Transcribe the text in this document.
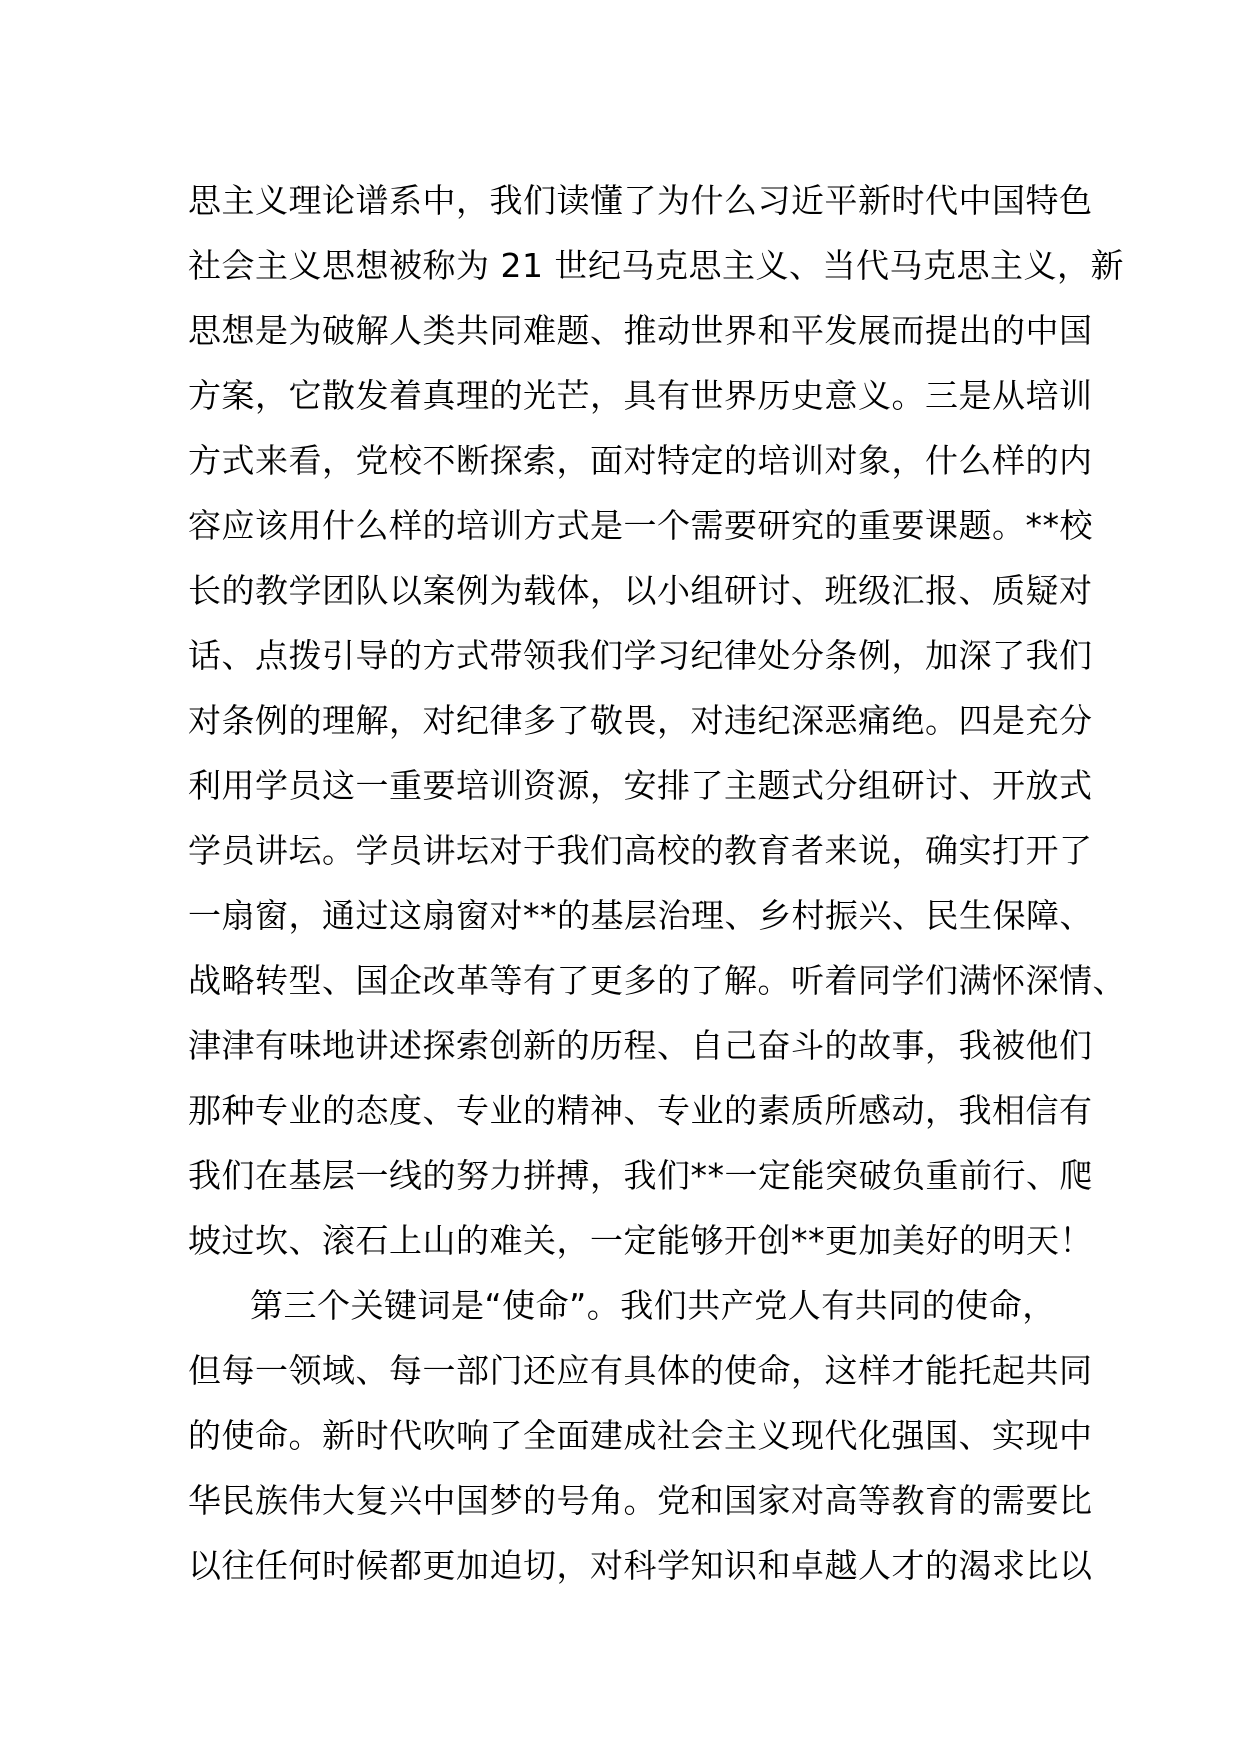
思主义理论谱系中，我们读懂了为什么习近平新时代中国特色
社会主义思想被称为 21 世纪马克思主义、当代马克思主义，新
思想是为破解人类共同难题、推动世界和平发展而提出的中国
方案，它散发着真理的光芒，具有世界历史意义。三是从培训
方式来看，党校不断探索，面对特定的培训对象，什么样的内
容应该用什么样的培训方式是一个需要研究的重要课题。**校
长的教学团队以案例为载体，以小组研讨、班级汇报、质疑对
话、点拨引导的方式带领我们学习纪律处分条例，加深了我们
对条例的理解，对纪律多了敬畏，对违纪深恶痛绝。四是充分
利用学员这一重要培训资源，安排了主题式分组研讨、开放式
学员讲坛。学员讲坛对于我们高校的教育者来说，确实打开了
一扇窗，通过这扇窗对**的基层治理、乡村振兴、民生保障、
战略转型、国企改革等有了更多的了解。听着同学们满怀深情、
津津有味地讲述探索创新的历程、自己奋斗的故事，我被他们
那种专业的态度、专业的精神、专业的素质所感动，我相信有
我们在基层一线的努力拼搏，我们**一定能突破负重前行、爬
坡过坎、滚石上山的难关，一定能够开创**更加美好的明天！
第三个关键词是“使命”。我们共产党人有共同的使命，
但每一领域、每一部门还应有具体的使命，这样才能托起共同
的使命。新时代吹响了全面建成社会主义现代化强国、实现中
华民族伟大复兴中国梦的号角。党和国家对高等教育的需要比
以往任何时候都更加迫切，对科学知识和卓越人才的渴求比以
